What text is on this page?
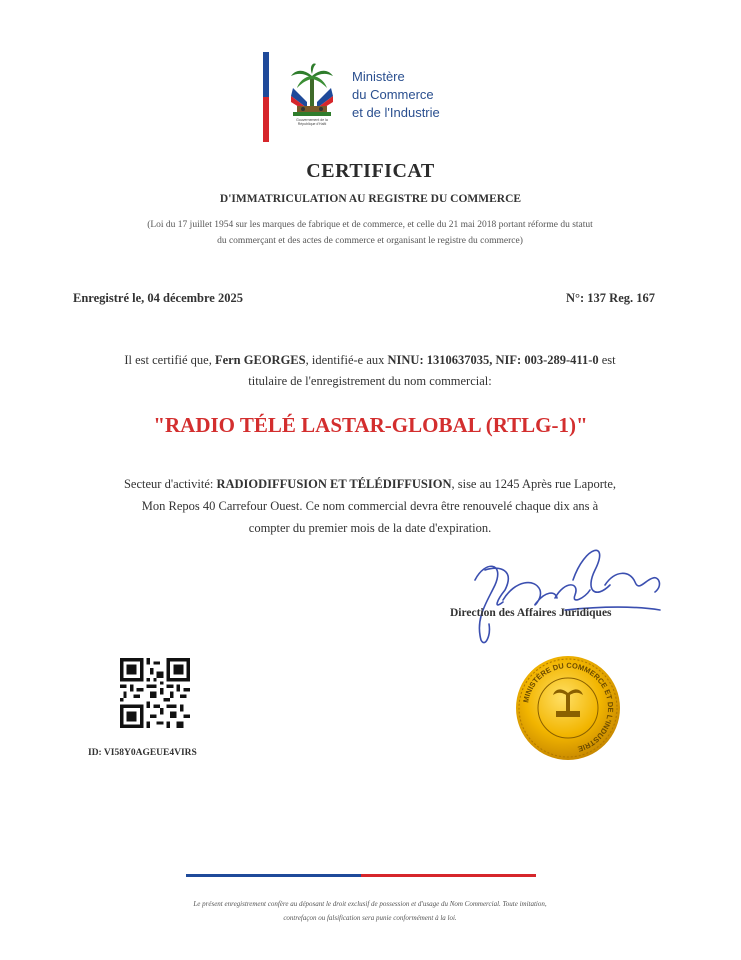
Gouvernement de la
République d'Haïti
Ministère
du Commerce
et de l'Industrie
CERTIFICAT
D'IMMATRICULATION AU REGISTRE DU COMMERCE
(Loi du 17 juillet 1954 sur les marques de fabrique et de commerce, et celle du 21 mai 2018 portant réforme du statut
du commerçant et des actes de commerce et organisant le registre du commerce)
Enregistré le, 04 décembre 2025	N°: 137 Reg. 167
Il est certifié que, Fern GEORGES, identifié-e aux NINU: 1310637035, NIF: 003-289-411-0 est
titulaire de l'enregistrement du nom commercial:
"RADIO TÉLÉ LASTAR-GLOBAL (RTLG-1)"
Secteur d'activité: RADIODIFFUSION ET TÉLÉDIFFUSION, sise au 1245 Après rue Laporte,
Mon Repos 40 Carrefour Ouest. Ce nom commercial devra être renouvelé chaque dix ans à
compter du premier mois de la date d'expiration.
Direction des Affaires Juridiques
ID: VI58Y0AGEUE4VIRS
MINISTÈRE DU COMMERCE ET DE L'INDUSTRIE
Le présent enregistrement confère au déposant le droit exclusif de possession et d'usage du Nom Commercial. Toute imitation,
contrefaçon ou falsification sera punie conformément à la loi.
